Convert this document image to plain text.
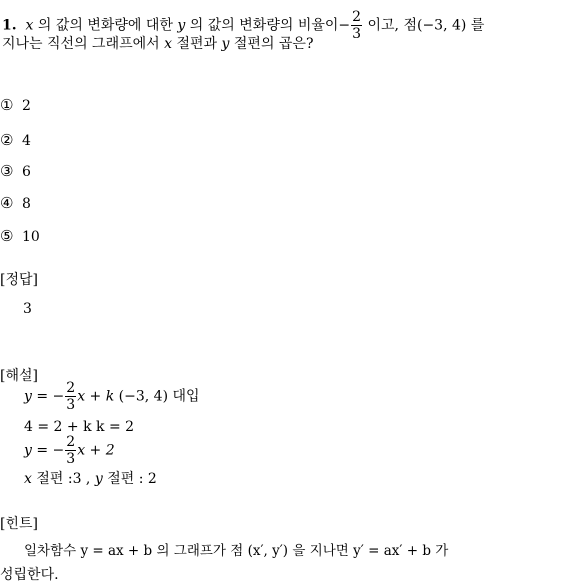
1. x 의 값의 변화량에 대한 y 의 값의 변화량의 비율이− $\frac{2}{3}$ 이고, 점(−3, 4) 를
지나는 직선의 그래프에서 x 절편과 y 절편의 곱은?
① 2
② 4
③ 6
④ 8
⑤ 10
[정답]
3
[해설]
y = − $\frac{2}{3}$ x + k (−3, 4) 대입
4 = 2 + k k = 2
y = − $\frac{2}{3}$ x + 2
x 절편 :3 , y 절편 : 2
[힌트]
일차함수 y = ax + b 의 그래프가 점 (x′, y′) 을 지나면 y′ = ax′ + b 가
성립한다.
